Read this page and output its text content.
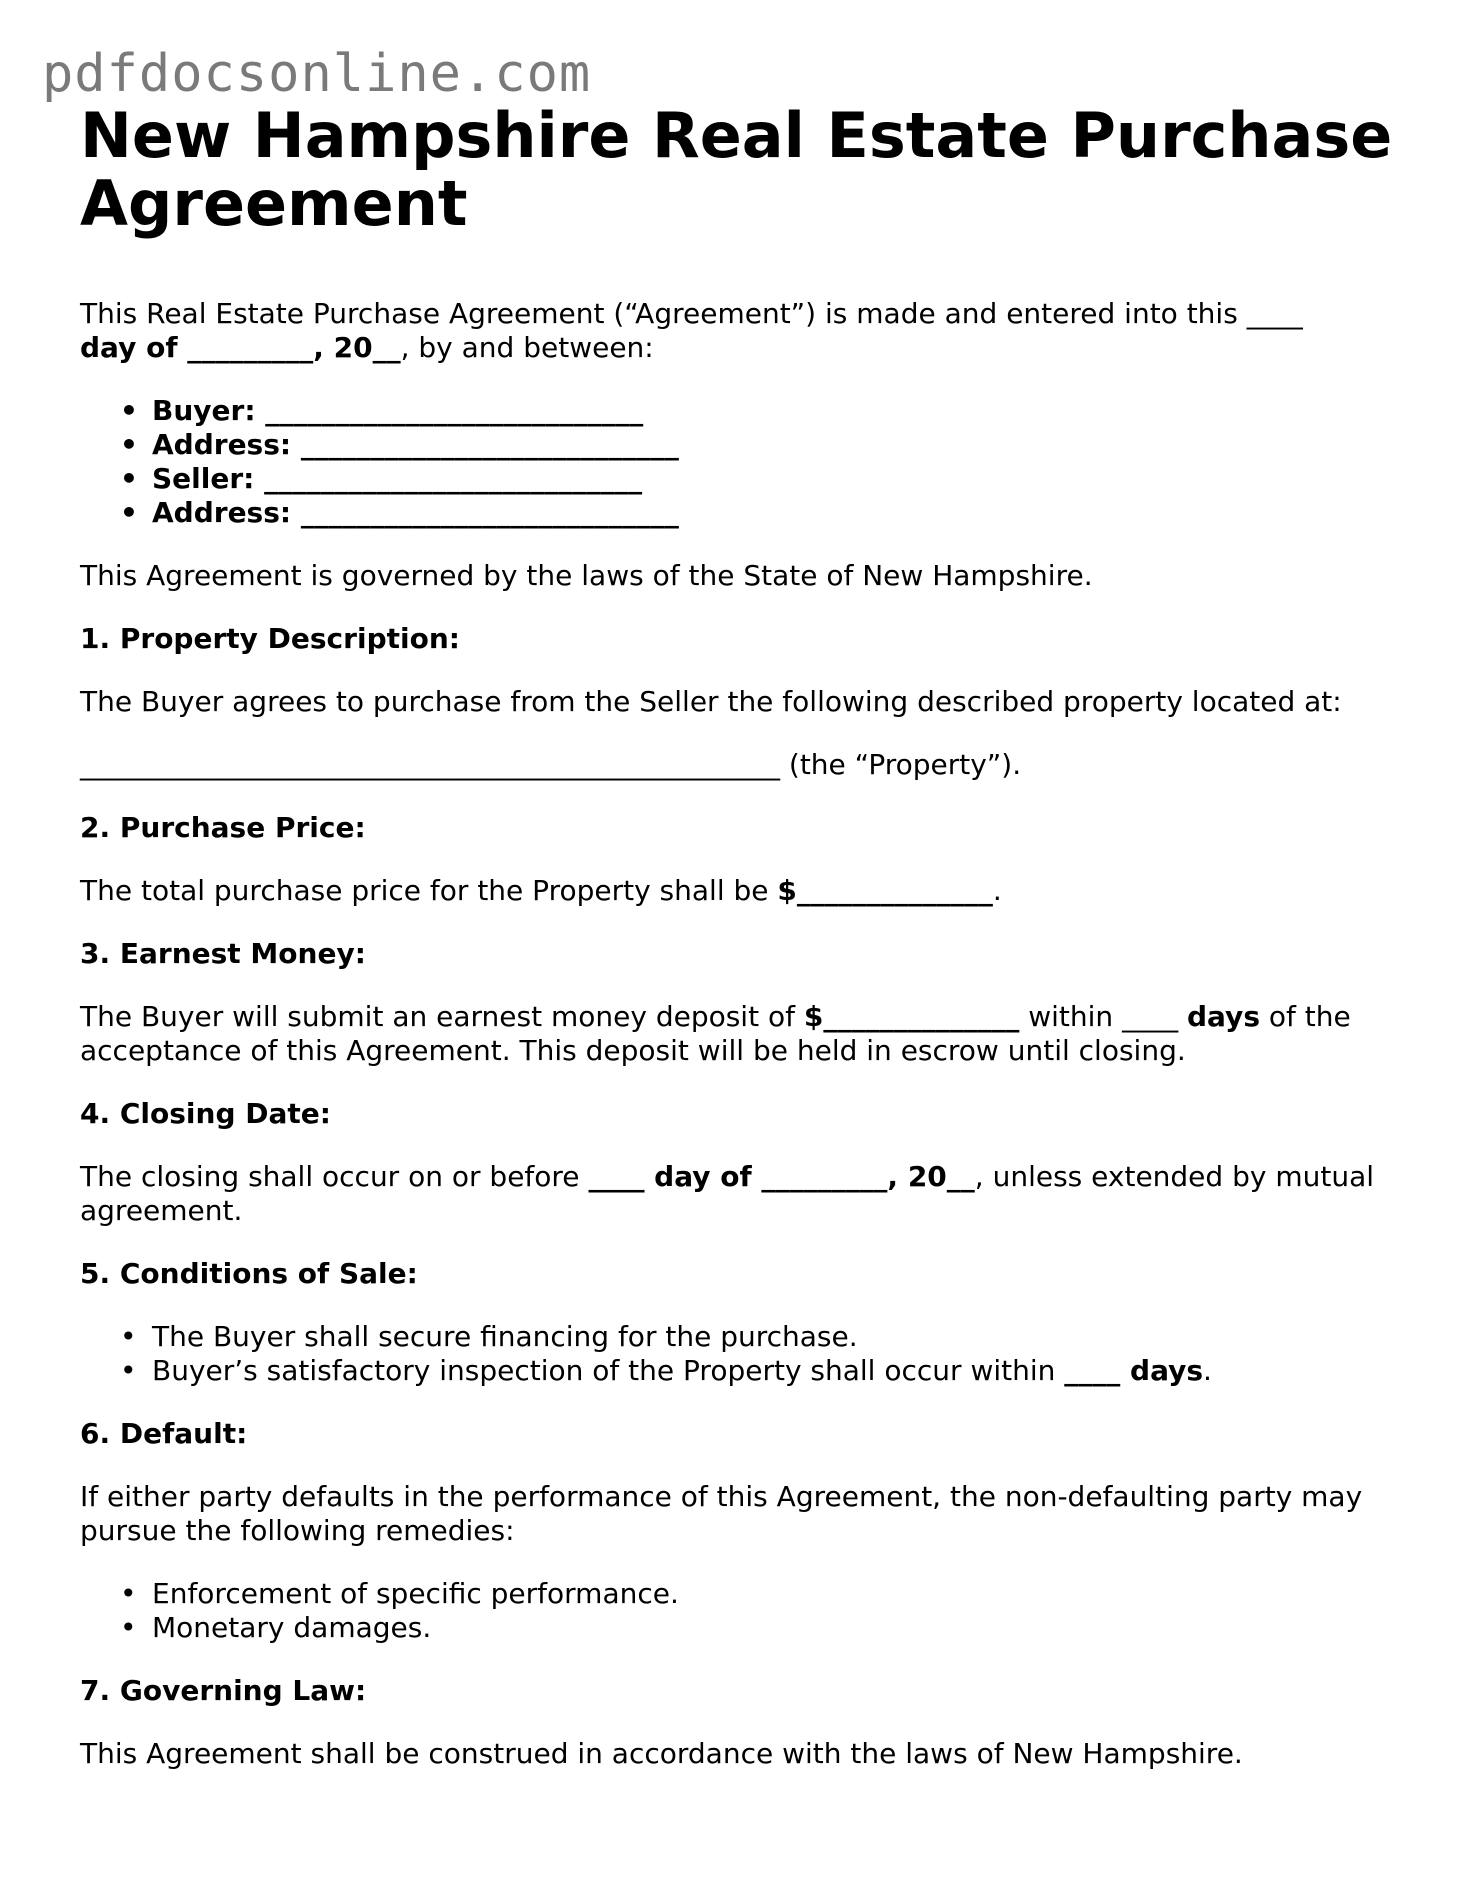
pdfdocsonline.com
New Hampshire Real Estate Purchase Agreement

This Real Estate Purchase Agreement (“Agreement”) is made and entered into this ____
day of _________, 20__, by and between:

• Buyer: ___________________________
• Address: ___________________________
• Seller: ___________________________
• Address: ___________________________

This Agreement is governed by the laws of the State of New Hampshire.

1. Property Description:

The Buyer agrees to purchase from the Seller the following described property located at:

__________________________________________________ (the “Property”).

2. Purchase Price:

The total purchase price for the Property shall be $______________.

3. Earnest Money:

The Buyer will submit an earnest money deposit of $______________ within ____ days of the acceptance of this Agreement. This deposit will be held in escrow until closing.

4. Closing Date:

The closing shall occur on or before ____ day of _________, 20__, unless extended by mutual agreement.

5. Conditions of Sale:
• The Buyer shall secure financing for the purchase.
• Buyer’s satisfactory inspection of the Property shall occur within ____ days.
6. Default:

If either party defaults in the performance of this Agreement, the non-defaulting party may pursue the following remedies:

• Enforcement of specific performance.
• Monetary damages.
7. Governing Law:

This Agreement shall be construed in accordance with the laws of New Hampshire.
